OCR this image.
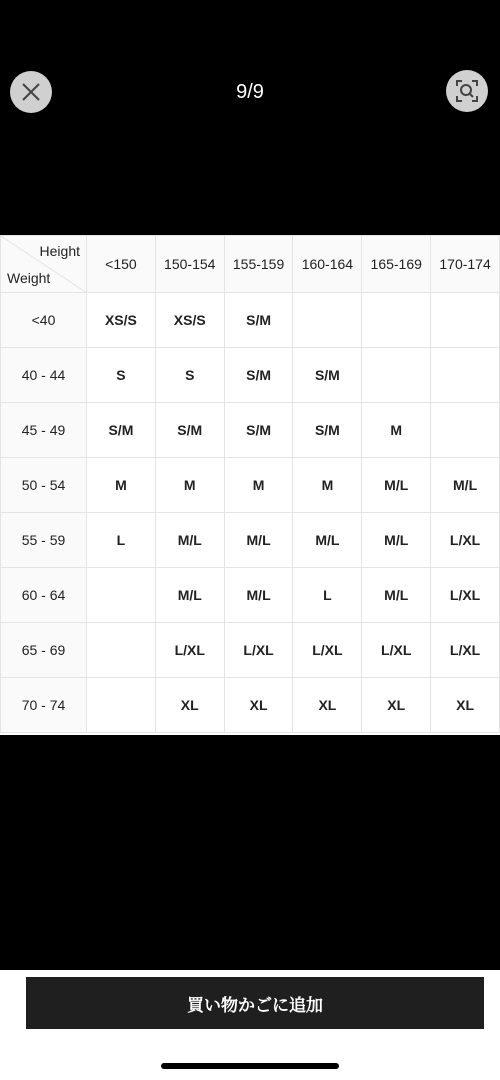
9/9
Height
Weight	<150	150-154	155-159	160-164	165-169	170-174
<40	XS/S	XS/S	S/M			
40 - 44	S	S	S/M	S/M		
45 - 49	S/M	S/M	S/M	S/M	M	
50 - 54	M	M	M	M	M/L	M/L
55 - 59	L	M/L	M/L	M/L	M/L	L/XL
60 - 64		M/L	M/L	L	M/L	L/XL
65 - 69		L/XL	L/XL	L/XL	L/XL	L/XL
70 - 74		XL	XL	XL	XL	XL
買い物かごに追加
